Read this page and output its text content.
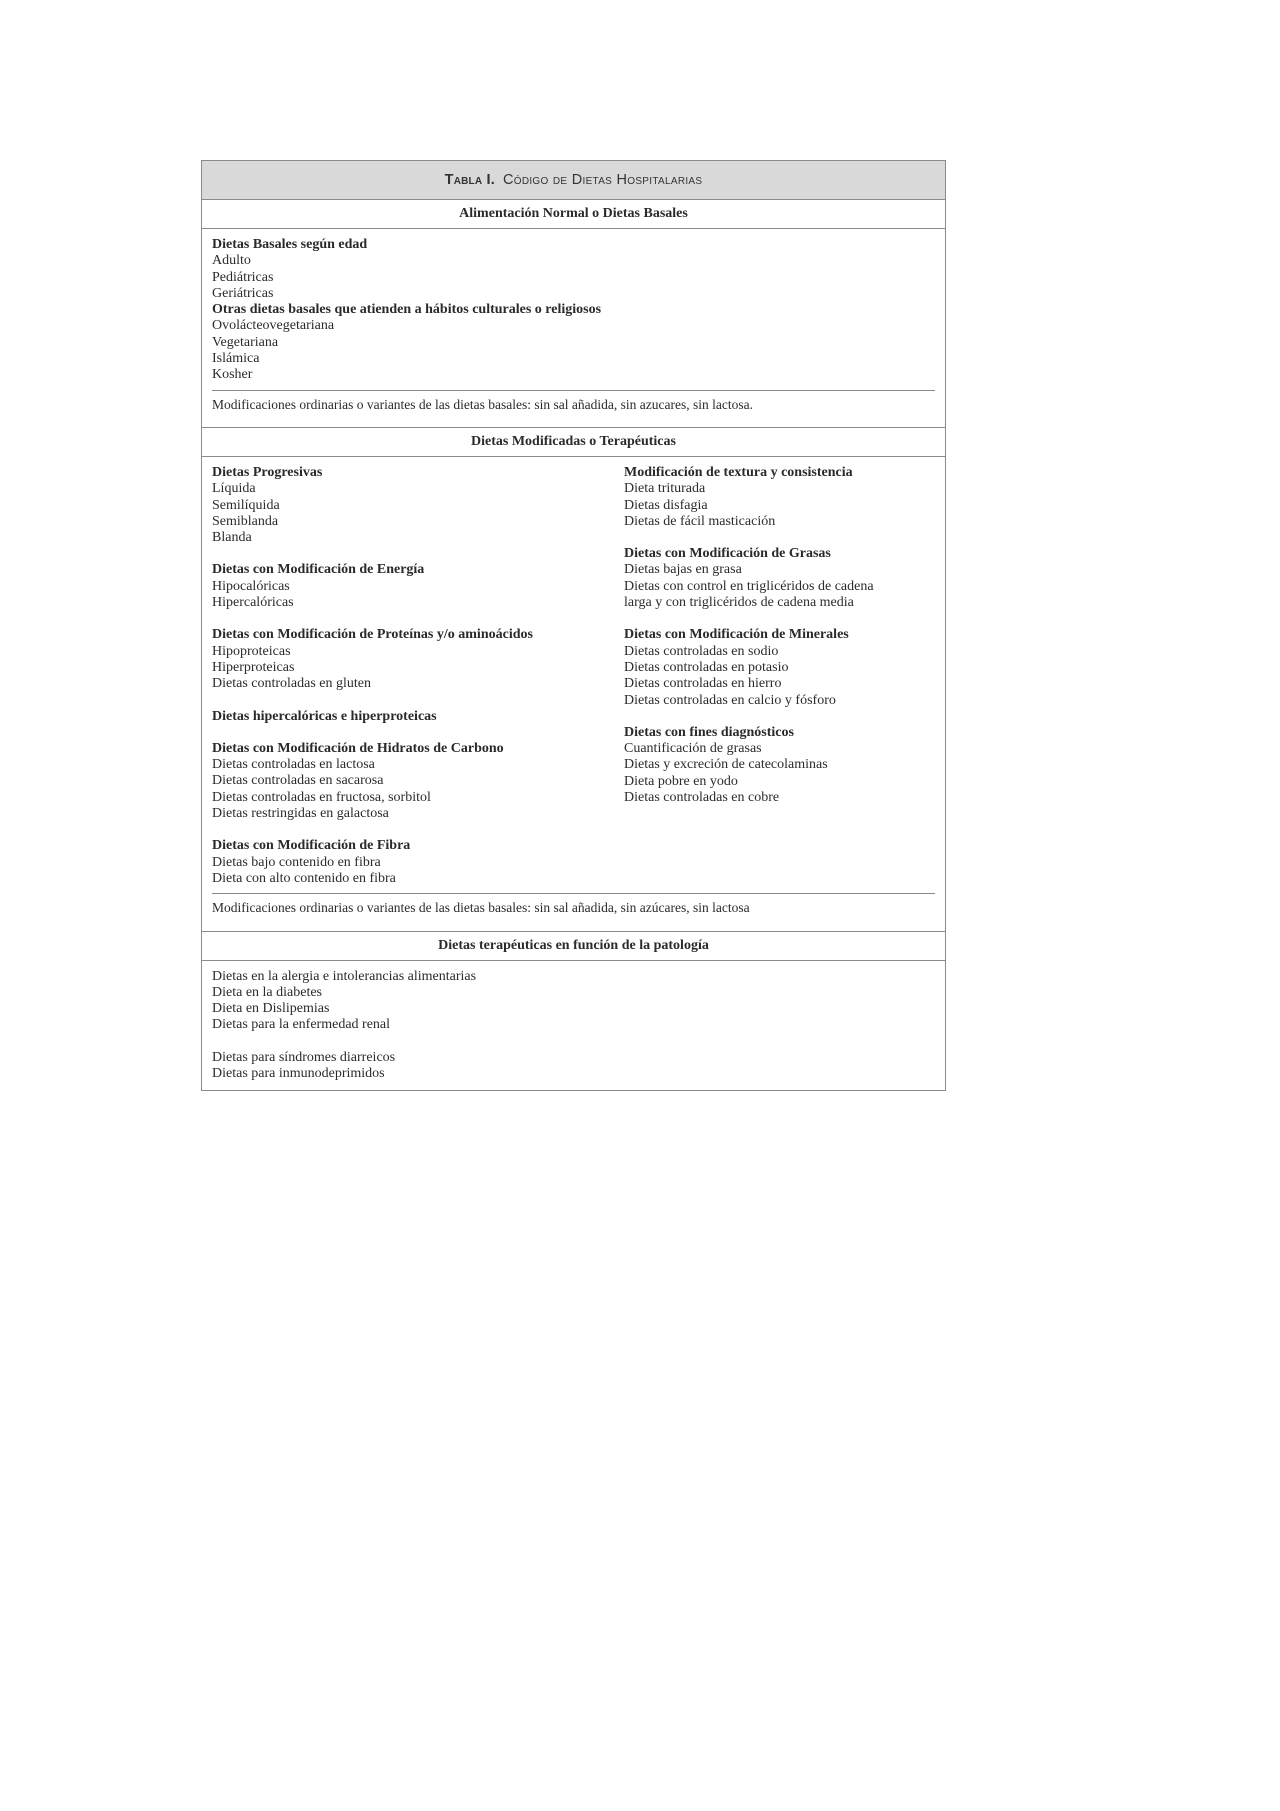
Tabla I. Código de Dietas Hospitalarias
Alimentación Normal o Dietas Basales
Dietas Basales según edad
Adulto
Pediátricas
Geriátricas
Otras dietas basales que atienden a hábitos culturales o religiosos
Ovolácteovegetariana
Vegetariana
Islámica
Kosher
Modificaciones ordinarias o variantes de las dietas basales: sin sal añadida, sin azucares, sin lactosa.
Dietas Modificadas o Terapéuticas
Dietas Progresivas
Líquida
Semilíquida
Semiblanda
Blanda
Dietas con Modificación de Energía
Hipocalóricas
Hipercalóricas
Dietas con Modificación de Proteínas y/o aminoácidos
Hipoproteicas
Hiperproteicas
Dietas controladas en gluten
Dietas hipercalóricas e hiperproteicas
Dietas con Modificación de Hidratos de Carbono
Dietas controladas en lactosa
Dietas controladas en sacarosa
Dietas controladas en fructosa, sorbitol
Dietas restringidas en galactosa
Dietas con Modificación de Fibra
Dietas bajo contenido en fibra
Dieta con alto contenido en fibra
Modificación de textura y consistencia
Dieta triturada
Dietas disfagia
Dietas de fácil masticación
Dietas con Modificación de Grasas
Dietas bajas en grasa
Dietas con control en triglicéridos de cadena
larga y con triglicéridos de cadena media
Dietas con Modificación de Minerales
Dietas controladas en sodio
Dietas controladas en potasio
Dietas controladas en hierro
Dietas controladas en calcio y fósforo
Dietas con fines diagnósticos
Cuantificación de grasas
Dietas y excreción de catecolaminas
Dieta pobre en yodo
Dietas controladas en cobre
Modificaciones ordinarias o variantes de las dietas basales: sin sal añadida, sin azúcares, sin lactosa
Dietas terapéuticas en función de la patología
Dietas en la alergia e intolerancias alimentarias
Dieta en la diabetes
Dieta en Dislipemias
Dietas para la enfermedad renal
Dietas para síndromes diarreicos
Dietas para inmunodeprimidos
